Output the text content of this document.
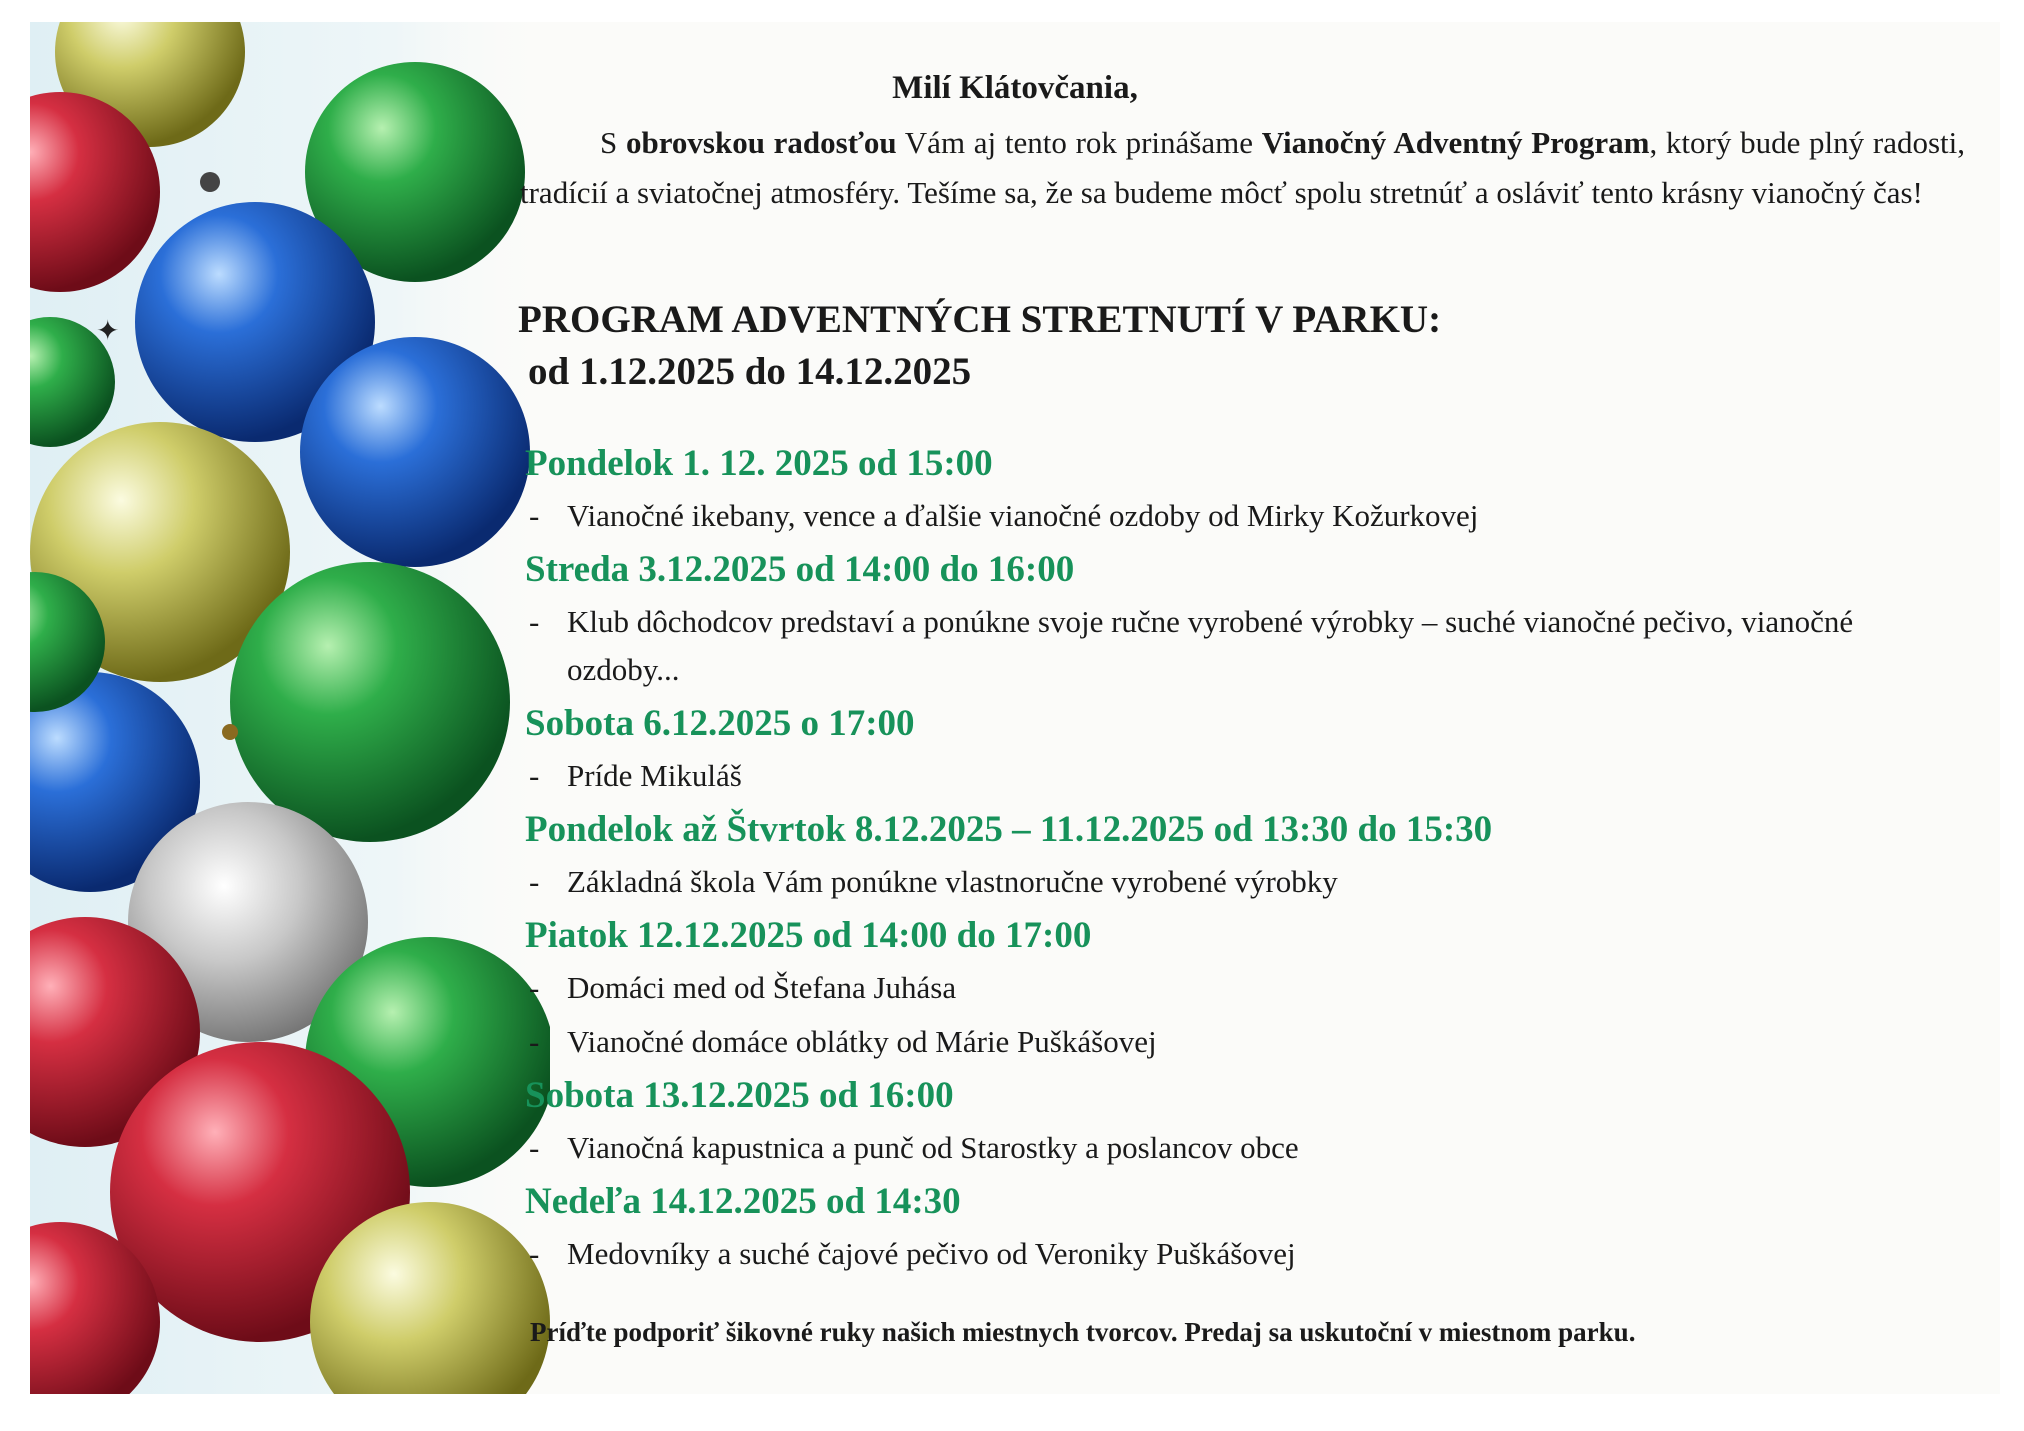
✦
Milí Klátovčania,

S obrovskou radosťou Vám aj tento rok prinášame Vianočný Adventný Program, ktorý bude plný radosti, tradícií a sviatočnej atmosféry. Tešíme sa, že sa budeme môcť spolu stretnúť a osláviť tento krásny vianočný čas!

PROGRAM ADVENTNÝCH STRETNUTÍ V PARKU:
od 1.12.2025 do 14.12.2025
Pondelok 1. 12. 2025 od 15:00
- Vianočné ikebany, vence a ďalšie vianočné ozdoby od Mirky Kožurkovej
Streda 3.12.2025 od 14:00 do 16:00
- Klub dôchodcov predstaví a ponúkne svoje ručne vyrobené výrobky – suché vianočné pečivo, vianočné ozdoby...
Sobota 6.12.2025 o 17:00
- Príde Mikuláš
Pondelok až Štvrtok 8.12.2025 – 11.12.2025 od 13:30 do 15:30
- Základná škola Vám ponúkne vlastnoručne vyrobené výrobky
Piatok 12.12.2025 od 14:00 do 17:00
- Domáci med od Štefana Juhása
- Vianočné domáce oblátky od Márie Puškášovej
Sobota 13.12.2025 od 16:00
- Vianočná kapustnica a punč od Starostky a poslancov obce
Nedeľa 14.12.2025 od 14:30
- Medovníky a suché čajové pečivo od Veroniky Puškášovej
Príďte podporiť šikovné ruky našich miestnych tvorcov. Predaj sa uskutoční v miestnom parku.
